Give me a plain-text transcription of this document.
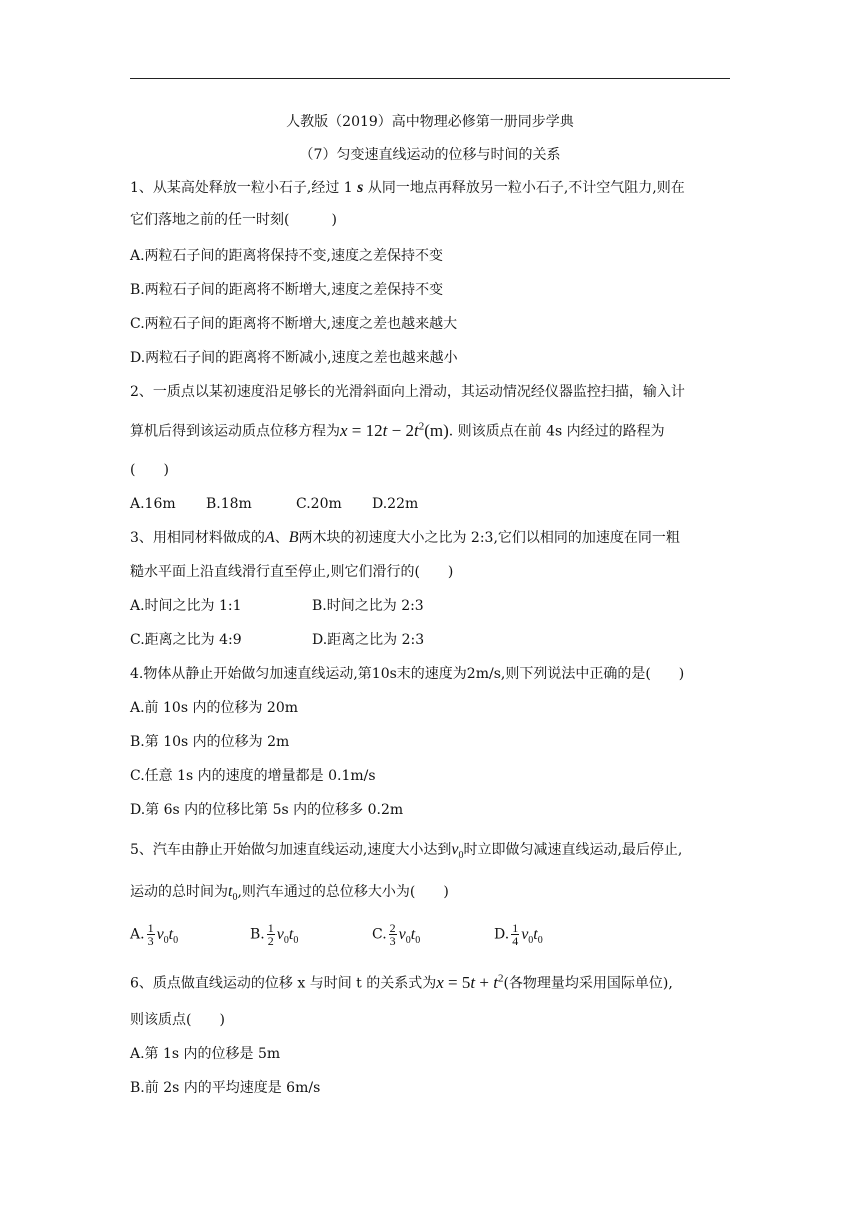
人教版（2019）高中物理必修第一册同步学典
（7）匀变速直线运动的位移与时间的关系
1、从某高处释放一粒小石子,经过 1 s 从同一地点再释放另一粒小石子,不计空气阻力,则在
它们落地之前的任一时刻(　　　)
A.两粒石子间的距离将保持不变,速度之差保持不变
B.两粒石子间的距离将不断增大,速度之差保持不变
C.两粒石子间的距离将不断增大,速度之差也越来越大
D.两粒石子间的距离将不断减小,速度之差也越来越小
2、一质点以某初速度沿足够长的光滑斜面向上滑动，其运动情况经仪器监控扫描，输入计
算机后得到该运动质点位移方程为$x = 12t - 2t^2(m)$. 则该质点在前 4s 内经过的路程为
(　　)
A.16m B.18m	C.20m D.22m
3、用相同材料做成的A、B两木块的初速度大小之比为 2:3,它们以相同的加速度在同一粗
糙水平面上沿直线滑行直至停止,则它们滑行的(　　)
A.时间之比为 1:1	B.时间之比为 2:3
C.距离之比为 4:9	D.距离之比为 2:3
4.物体从静止开始做匀加速直线运动,第10s末的速度为2m/s,则下列说法中正确的是(　　)
A.前 10s 内的位移为 20m
B.第 10s 内的位移为 2m
C.任意 1s 内的速度的增量都是 0.1m/s
D.第 6s 内的位移比第 5s 内的位移多 0.2m
5、汽车由静止开始做匀加速直线运动,速度大小达到$v_0$时立即做匀减速直线运动,最后停止,
运动的总时间为$t_0$,则汽车通过的总位移大小为(　　)
A. $\frac{1}{3} v_0t_0$	B. $\frac{1}{2} v_0t_0$	C. $\frac{2}{3} v_0t_0$	D. $\frac{1}{4} v_0t_0$
6、质点做直线运动的位移 x 与时间 t 的关系式为$x = 5t + t^2$(各物理量均采用国际单位),
则该质点(　　)
A.第 1s 内的位移是 5m
B.前 2s 内的平均速度是 6m/s
